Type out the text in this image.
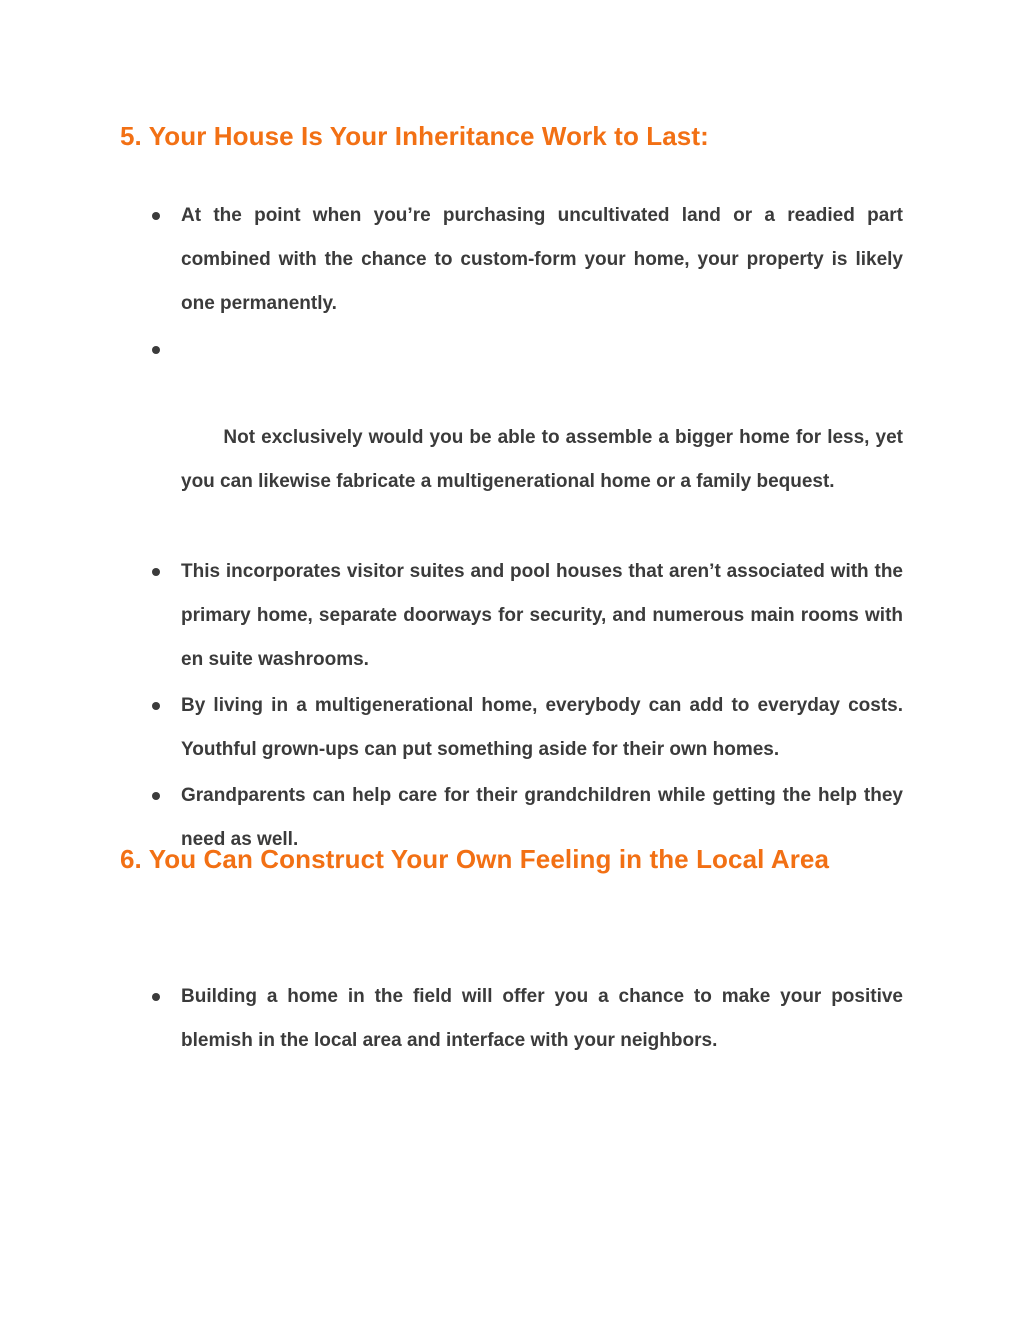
5. Your House Is Your Inheritance Work to Last:
At the point when you’re purchasing uncultivated land or a readied part combined with the chance to custom-form your home, your property is likely one permanently.

Not exclusively would you be able to assemble a bigger home for less, yet you can likewise fabricate a multigenerational home or a family bequest.

This incorporates visitor suites and pool houses that aren’t associated with the primary home, separate doorways for security, and numerous main rooms with en suite washrooms.
By living in a multigenerational home, everybody can add to everyday costs. Youthful grown-ups can put something aside for their own homes.
Grandparents can help care for their grandchildren while getting the help they need as well.
6. You Can Construct Your Own Feeling in the Local Area
Building a home in the field will offer you a chance to make your positive blemish in the local area and interface with your neighbors.
